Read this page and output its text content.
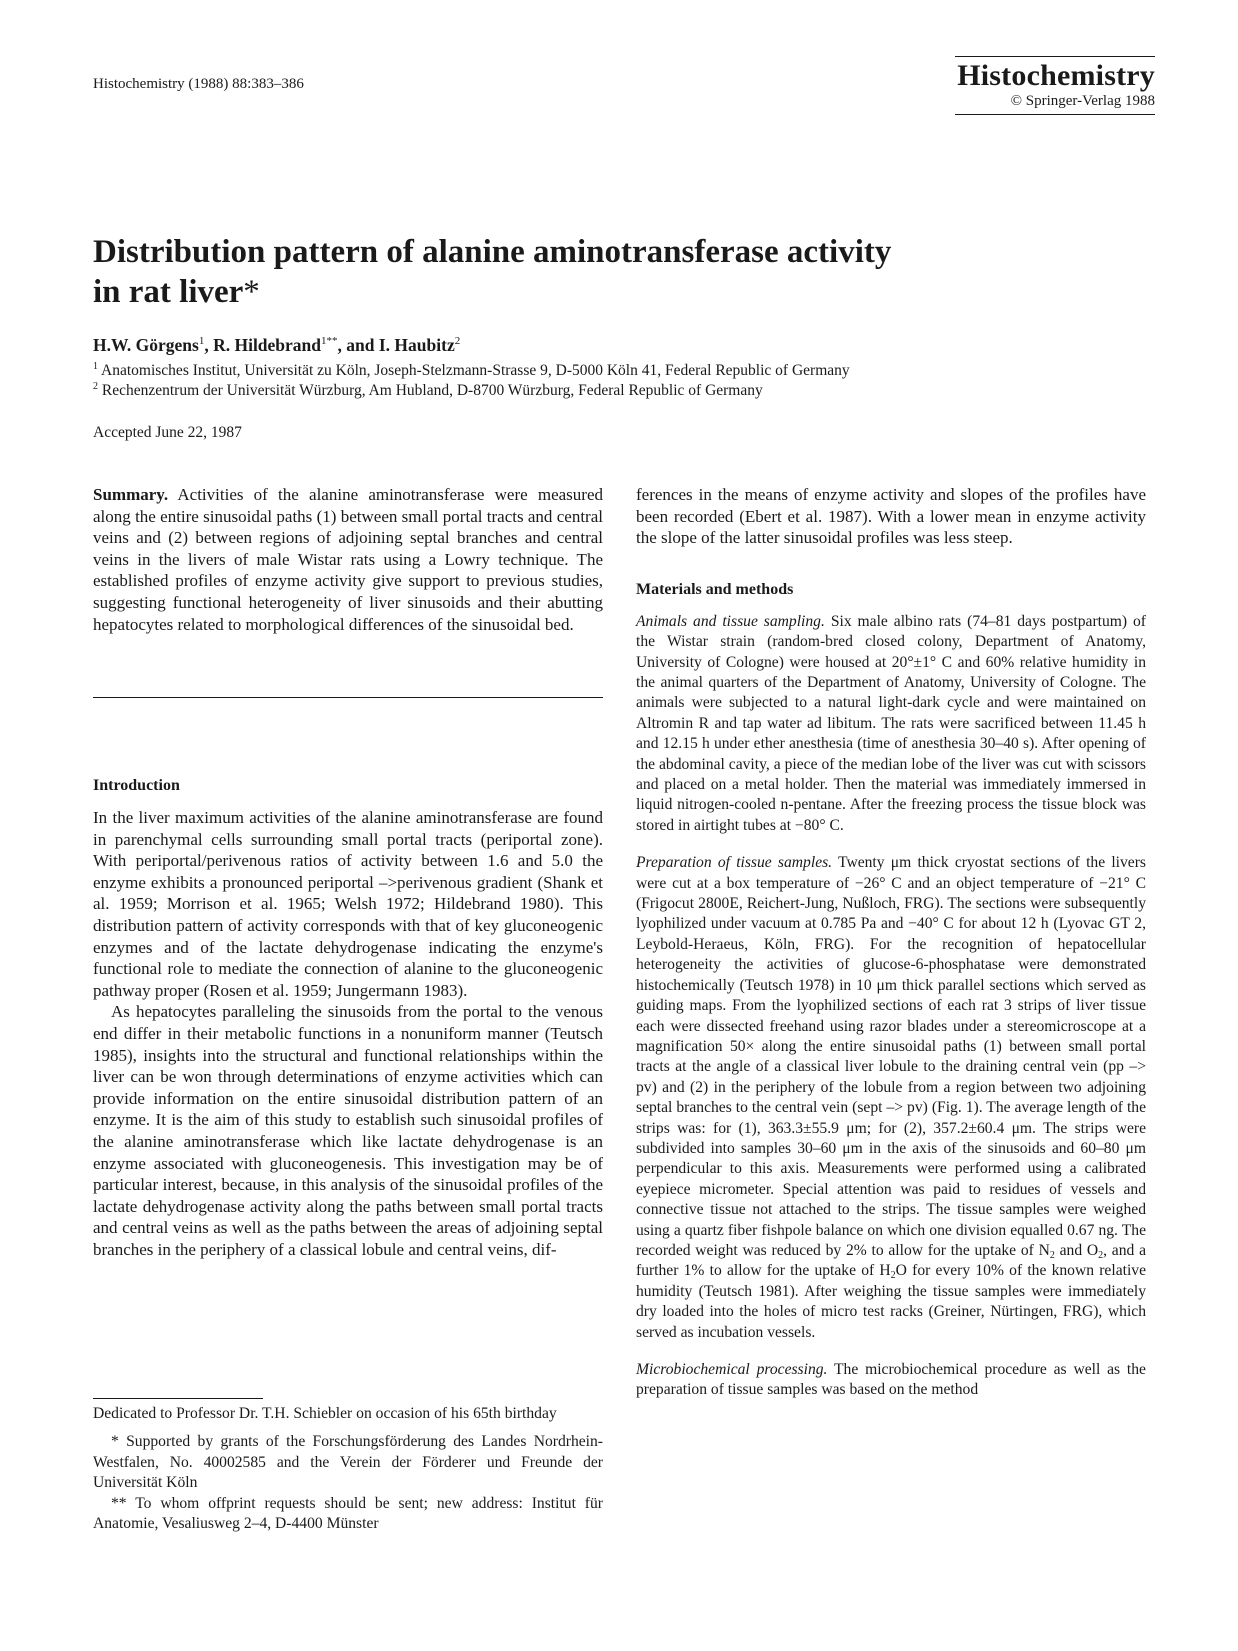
Histochemistry (1988) 88:383–386	Histochemistry
© Springer-Verlag 1988
Distribution pattern of alanine aminotransferase activity
in rat liver*
H.W. Görgens$^1$, R. Hildebrand$^{1**}$, and I. Haubitz$^2$
$^1$ Anatomisches Institut, Universität zu Köln, Joseph-Stelzmann-Strasse 9, D-5000 Köln 41, Federal Republic of Germany
$^2$ Rechenzentrum der Universität Würzburg, Am Hubland, D-8700 Würzburg, Federal Republic of Germany
Accepted June 22, 1987

Summary. Activities of the alanine aminotransferase were measured along the entire sinusoidal paths (1) between small portal tracts and central veins and (2) between regions of adjoining septal branches and central veins in the livers of male Wistar rats using a Lowry technique. The established profiles of enzyme activity give support to previous studies, suggesting functional heterogeneity of liver sinusoids and their abutting hepatocytes related to morphological differences of the sinusoidal bed.

Introduction

In the liver maximum activities of the alanine aminotransferase are found in parenchymal cells surrounding small portal tracts (periportal zone). With periportal/perivenous ratios of activity between 1.6 and 5.0 the enzyme exhibits a pronounced periportal –>perivenous gradient (Shank et al. 1959; Morrison et al. 1965; Welsh 1972; Hildebrand 1980). This distribution pattern of activity corresponds with that of key gluconeogenic enzymes and of the lactate dehydrogenase indicating the enzyme's functional role to mediate the connection of alanine to the gluconeogenic pathway proper (Rosen et al. 1959; Jungermann 1983).

As hepatocytes paralleling the sinusoids from the portal to the venous end differ in their metabolic functions in a nonuniform manner (Teutsch 1985), insights into the structural and functional relationships within the liver can be won through determinations of enzyme activities which can provide information on the entire sinusoidal distribution pattern of an enzyme. It is the aim of this study to establish such sinusoidal profiles of the alanine aminotransferase which like lactate dehydrogenase is an enzyme associated with gluconeogenesis. This investigation may be of particular interest, because, in this analysis of the sinusoidal profiles of the lactate dehydrogenase activity along the paths between small portal tracts and central veins as well as the paths between the areas of adjoining septal branches in the periphery of a classical lobule and central veins, dif-

Dedicated to Professor Dr. T.H. Schiebler on occasion of his 65th birthday

* Supported by grants of the Forschungsförderung des Landes Nordrhein-Westfalen, No. 40002585 and the Verein der Förderer und Freunde der Universität Köln

** To whom offprint requests should be sent; new address: Institut für Anatomie, Vesaliusweg 2–4, D-4400 Münster

ferences in the means of enzyme activity and slopes of the profiles have been recorded (Ebert et al. 1987). With a lower mean in enzyme activity the slope of the latter sinusoidal profiles was less steep.

Materials and methods

Animals and tissue sampling. Six male albino rats (74–81 days postpartum) of the Wistar strain (random-bred closed colony, Department of Anatomy, University of Cologne) were housed at 20°±1° C and 60% relative humidity in the animal quarters of the Department of Anatomy, University of Cologne. The animals were subjected to a natural light-dark cycle and were maintained on Altromin R and tap water ad libitum. The rats were sacrificed between 11.45 h and 12.15 h under ether anesthesia (time of anesthesia 30–40 s). After opening of the abdominal cavity, a piece of the median lobe of the liver was cut with scissors and placed on a metal holder. Then the material was immediately immersed in liquid nitrogen-cooled n-pentane. After the freezing process the tissue block was stored in airtight tubes at −80° C.

Preparation of tissue samples. Twenty μm thick cryostat sections of the livers were cut at a box temperature of −26° C and an object temperature of −21° C (Frigocut 2800E, Reichert-Jung, Nußloch, FRG). The sections were subsequently lyophilized under vacuum at 0.785 Pa and −40° C for about 12 h (Lyovac GT 2, Leybold-Heraeus, Köln, FRG). For the recognition of hepatocellular heterogeneity the activities of glucose-6-phosphatase were demonstrated histochemically (Teutsch 1978) in 10 μm thick parallel sections which served as guiding maps. From the lyophilized sections of each rat 3 strips of liver tissue each were dissected freehand using razor blades under a stereomicroscope at a magnification 50× along the entire sinusoidal paths (1) between small portal tracts at the angle of a classical liver lobule to the draining central vein (pp –> pv) and (2) in the periphery of the lobule from a region between two adjoining septal branches to the central vein (sept –> pv) (Fig. 1). The average length of the strips was: for (1), 363.3±55.9 μm; for (2), 357.2±60.4 μm. The strips were subdivided into samples 30–60 μm in the axis of the sinusoids and 60–80 μm perpendicular to this axis. Measurements were performed using a calibrated eyepiece micrometer. Special attention was paid to residues of vessels and connective tissue not attached to the strips. The tissue samples were weighed using a quartz fiber fishpole balance on which one division equalled 0.67 ng. The recorded weight was reduced by 2% to allow for the uptake of $N_2$ and $O_2$, and a further 1% to allow for the uptake of $H_2O$ for every 10% of the known relative humidity (Teutsch 1981). After weighing the tissue samples were immediately dry loaded into the holes of micro test racks (Greiner, Nürtingen, FRG), which served as incubation vessels.

Microbiochemical processing. The microbiochemical procedure as well as the preparation of tissue samples was based on the method
